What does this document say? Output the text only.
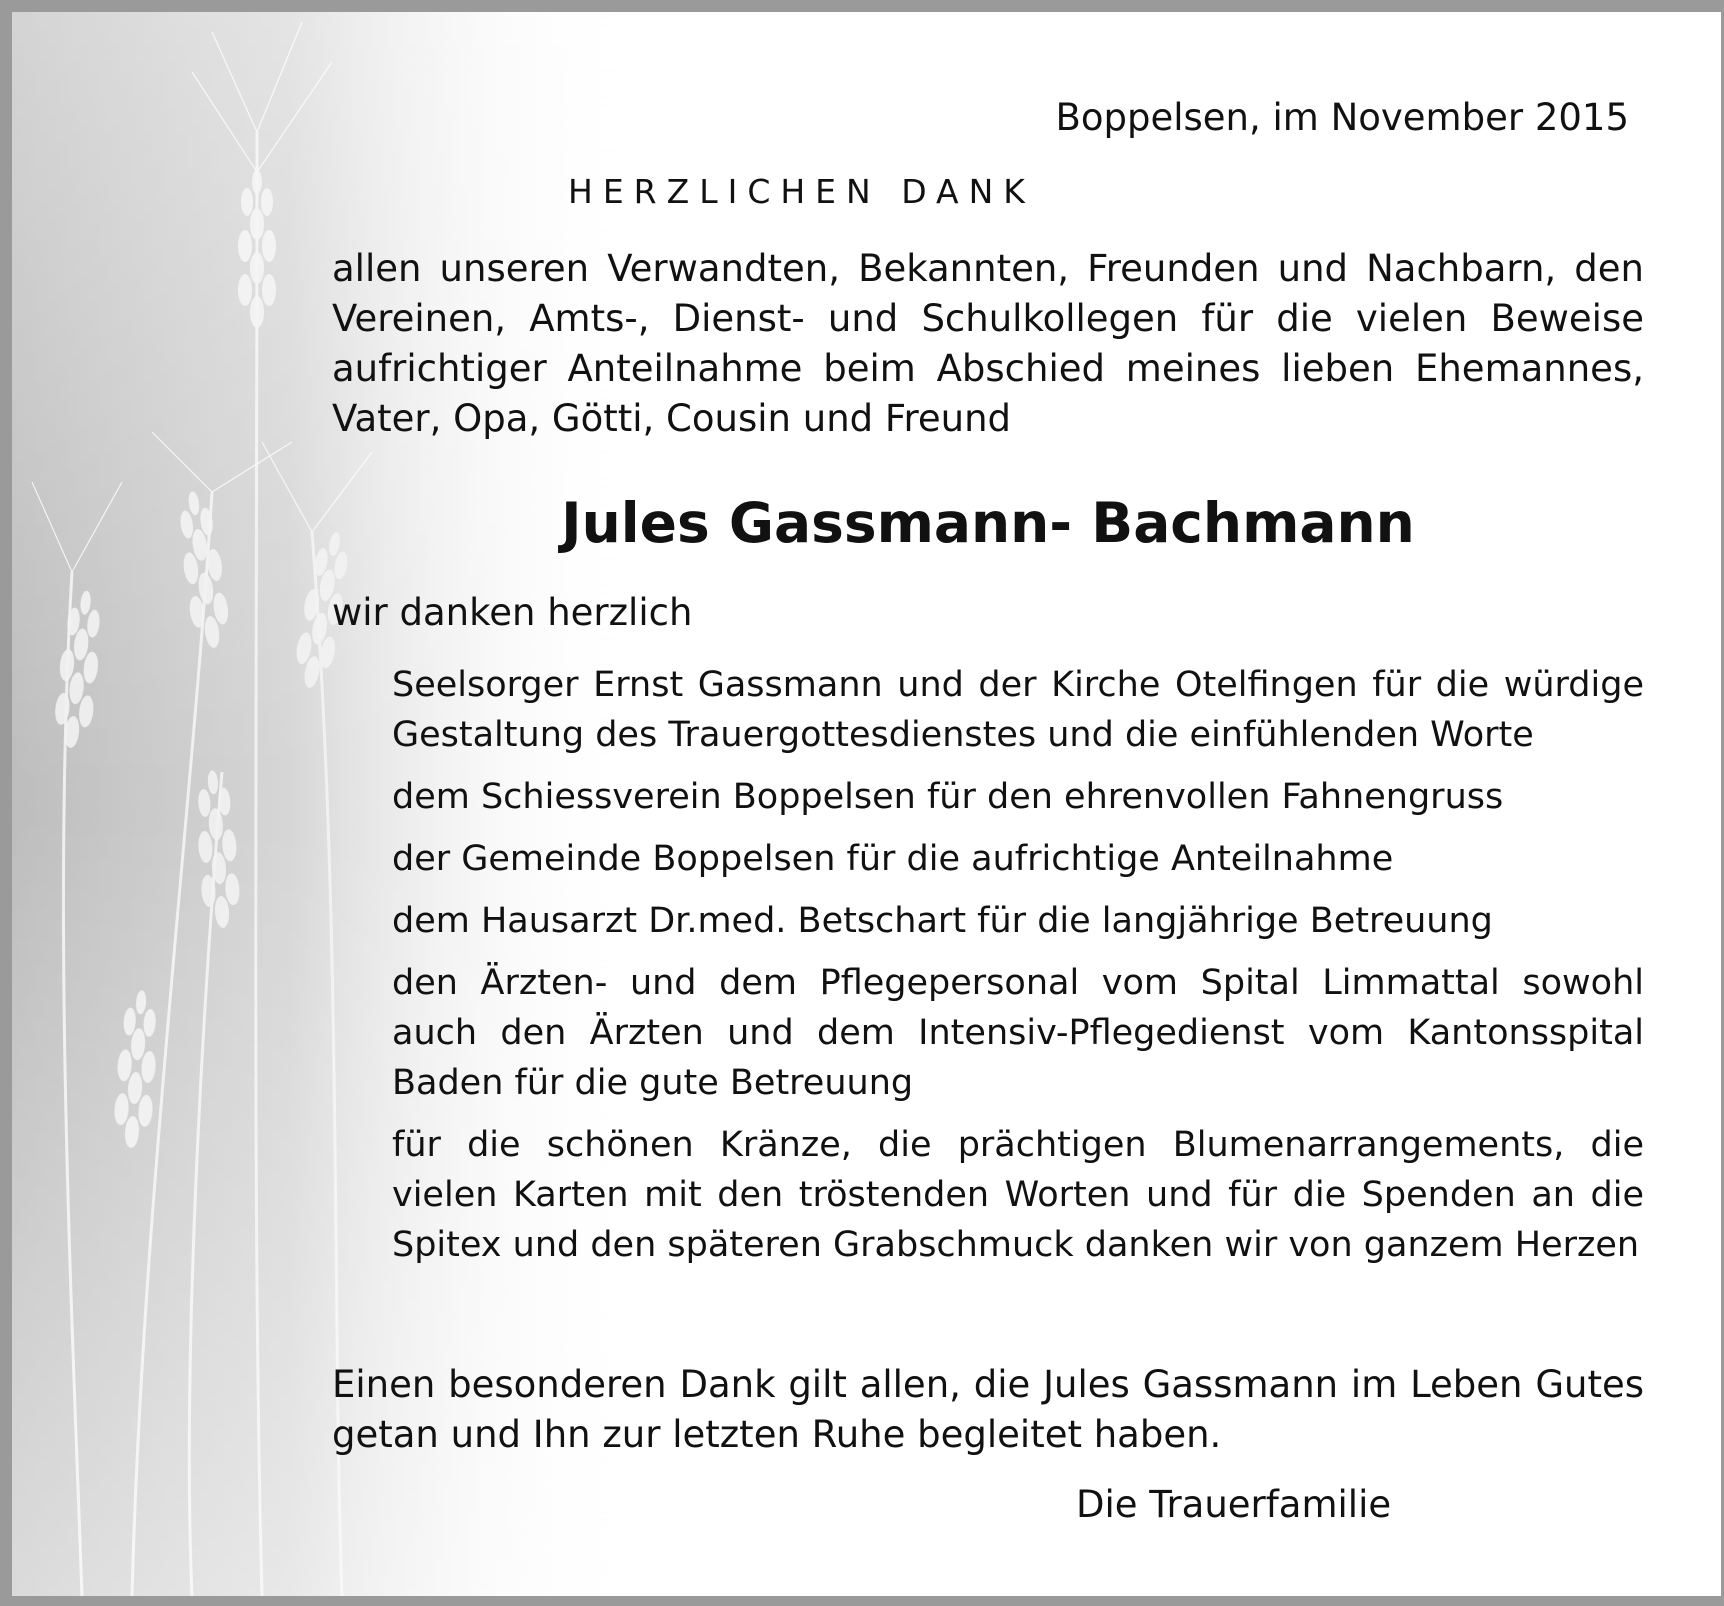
Boppelsen, im November 2015
HERZLICHEN DANK
allen unseren Verwandten, Bekannten, Freunden und Nachbarn, den Vereinen, Amts-, Dienst- und Schulkollegen für die vielen Beweise aufrichtiger Anteilnahme beim Abschied meines lieben Ehemannes, Vater, Opa, Götti, Cousin und Freund
Jules Gassmann- Bachmann
wir danken herzlich
Seelsorger Ernst Gassmann und der Kirche Otelfingen für die würdige Gestaltung des Trauergottesdienstes und die einfühlenden Worte
dem Schiessverein Boppelsen für den ehrenvollen Fahnengruss
der Gemeinde Boppelsen für die aufrichtige Anteilnahme
dem Hausarzt Dr.med. Betschart für die langjährige Betreuung
den Ärzten- und dem Pflegepersonal vom Spital Limmattal sowohl auch den Ärzten und dem Intensiv-Pflegedienst vom Kantonsspital Baden für die gute Betreuung
für die schönen Kränze, die prächtigen Blumenarrangements, die vielen Karten mit den tröstenden Worten und für die Spenden an die Spitex und den späteren Grabschmuck danken wir von ganzem Herzen
Einen besonderen Dank gilt allen, die Jules Gassmann im Leben Gutes getan und Ihn zur letzten Ruhe begleitet haben.
Die Trauerfamilie
